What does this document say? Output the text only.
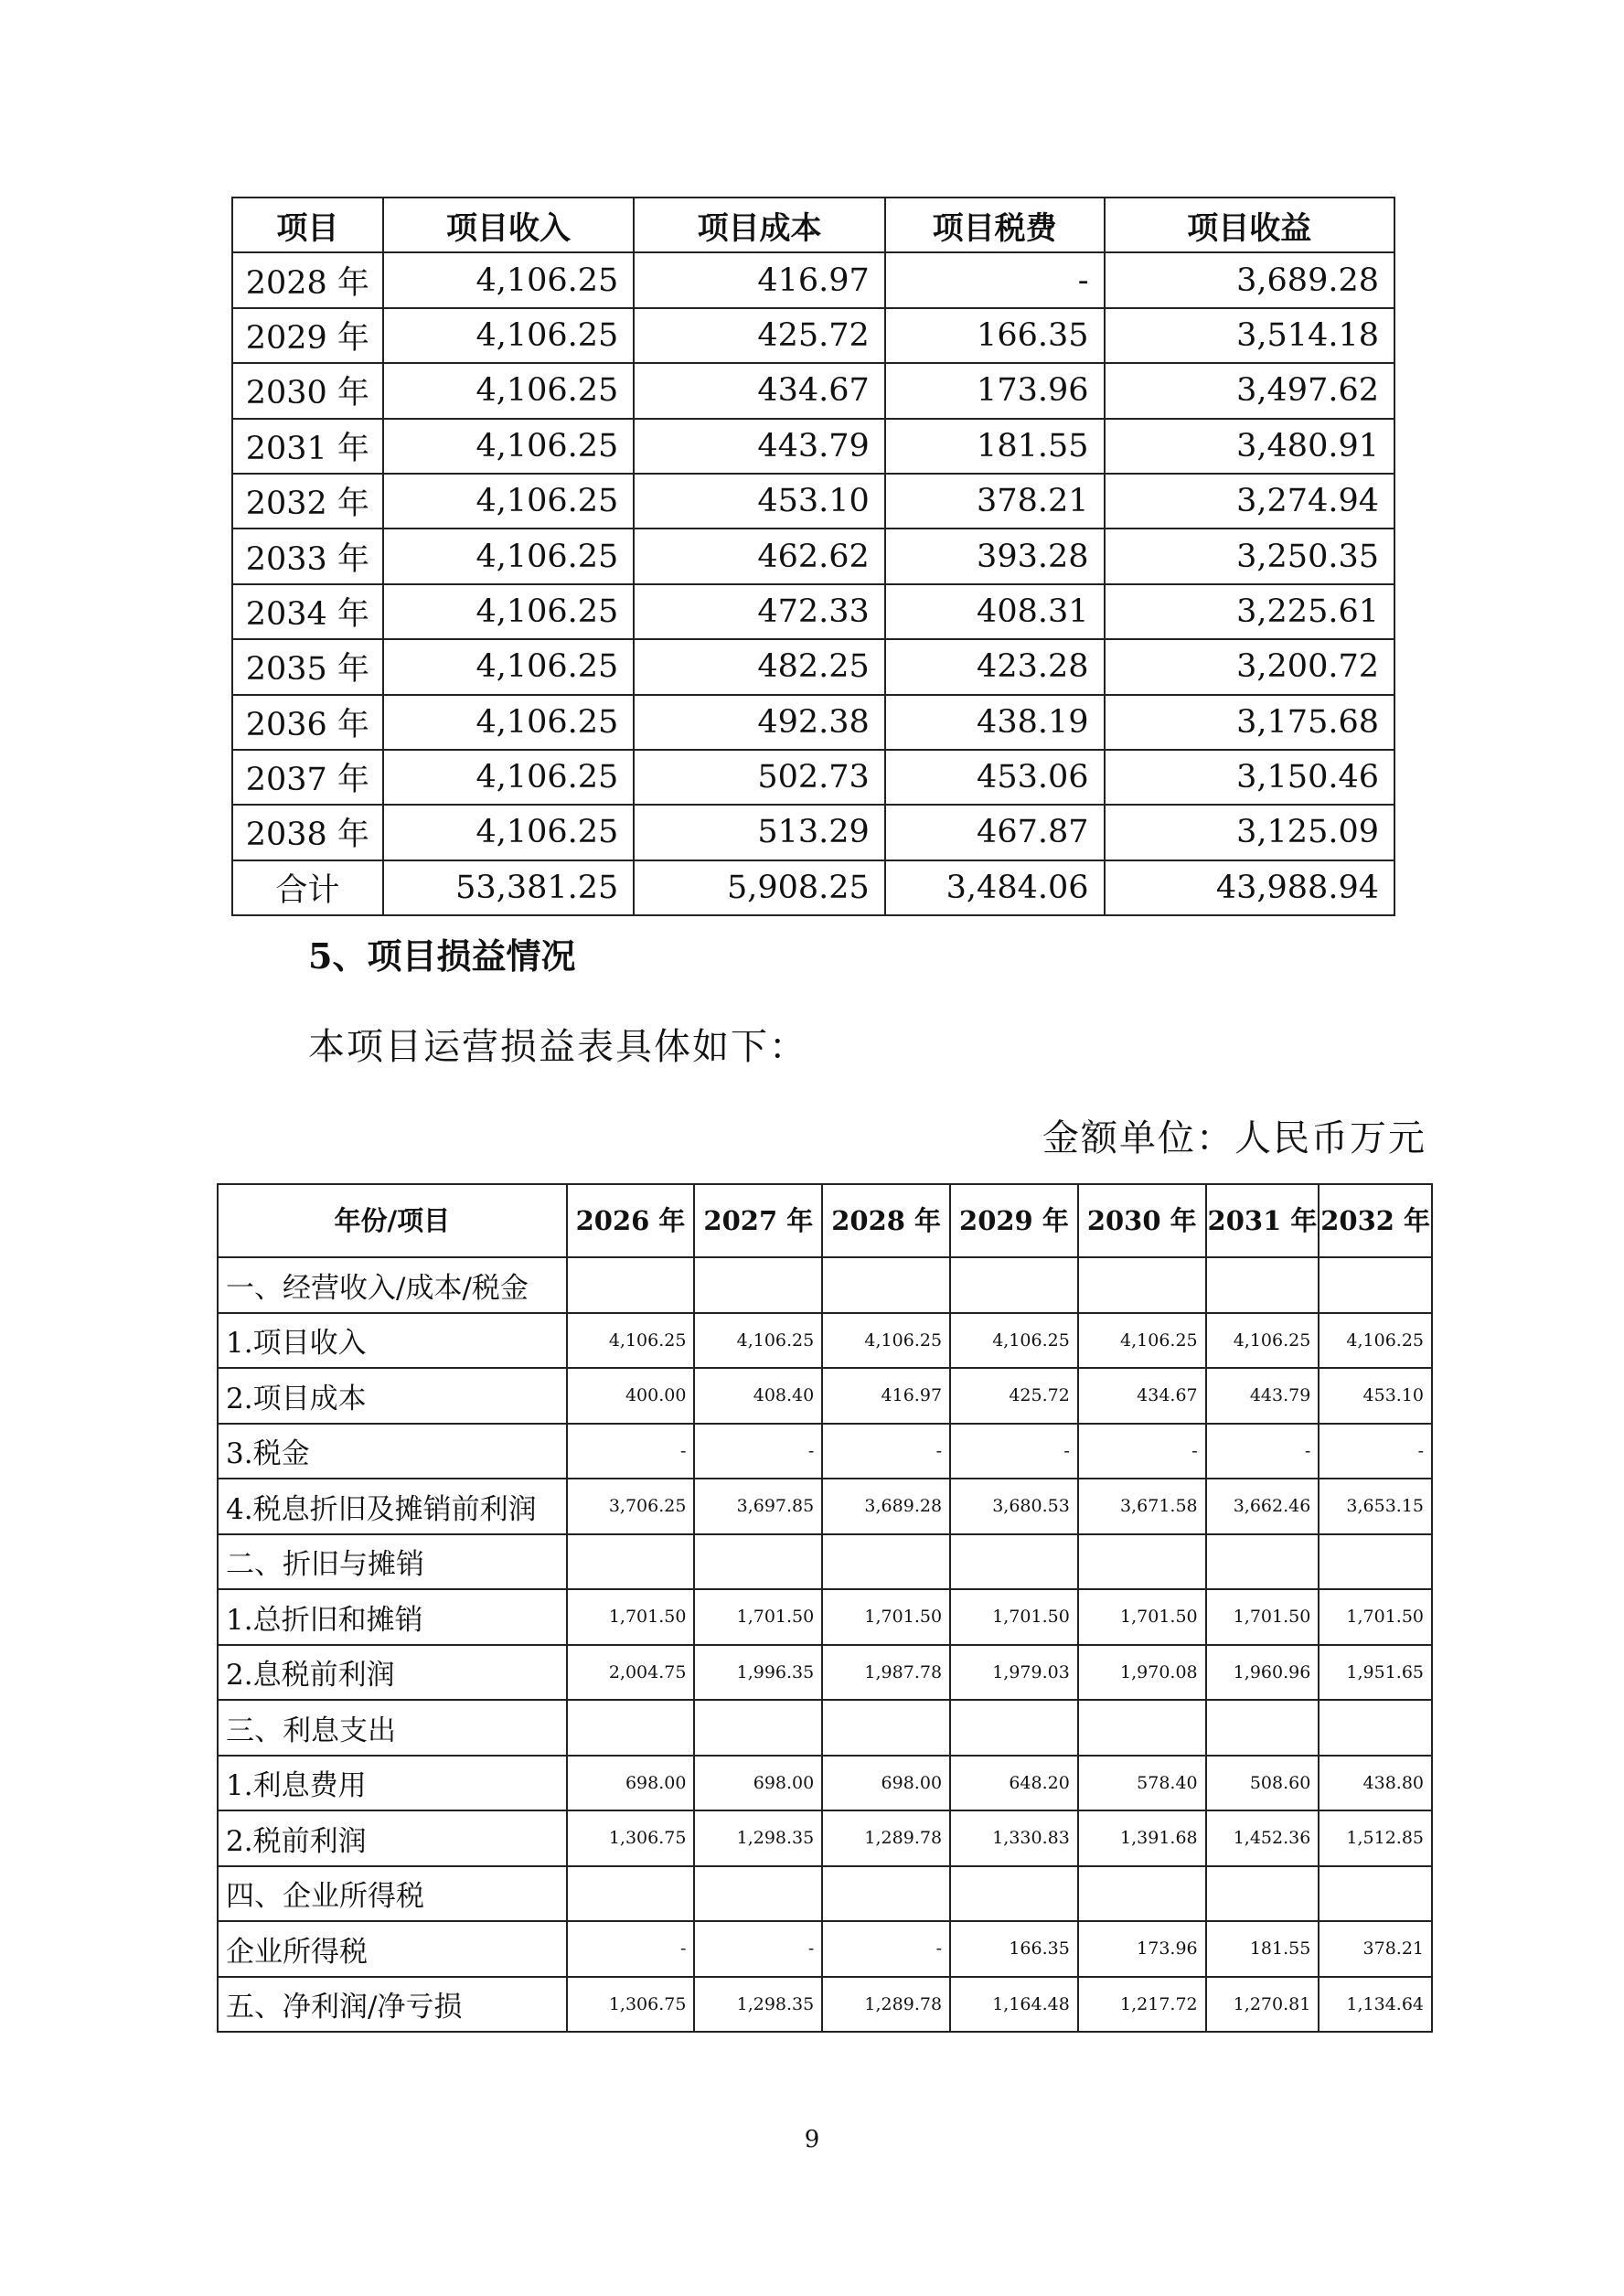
项目	项目收入	项目成本	项目税费	项目收益
2028 年	4,106.25	416.97	-	3,689.28
2029 年	4,106.25	425.72	166.35	3,514.18
2030 年	4,106.25	434.67	173.96	3,497.62
2031 年	4,106.25	443.79	181.55	3,480.91
2032 年	4,106.25	453.10	378.21	3,274.94
2033 年	4,106.25	462.62	393.28	3,250.35
2034 年	4,106.25	472.33	408.31	3,225.61
2035 年	4,106.25	482.25	423.28	3,200.72
2036 年	4,106.25	492.38	438.19	3,175.68
2037 年	4,106.25	502.73	453.06	3,150.46
2038 年	4,106.25	513.29	467.87	3,125.09
合计	53,381.25	5,908.25	3,484.06	43,988.94
5、项目损益情况
本项目运营损益表具体如下：
金额单位：人民币万元
年份/项目	2026 年	2027 年	2028 年	2029 年	2030 年	2031 年	2032 年
一、经营收入/成本/税金							
1.项目收入	4,106.25	4,106.25	4,106.25	4,106.25	4,106.25	4,106.25	4,106.25
2.项目成本	400.00	408.40	416.97	425.72	434.67	443.79	453.10
3.税金	-	-	-	-	-	-	-
4.税息折旧及摊销前利润	3,706.25	3,697.85	3,689.28	3,680.53	3,671.58	3,662.46	3,653.15
二、折旧与摊销							
1.总折旧和摊销	1,701.50	1,701.50	1,701.50	1,701.50	1,701.50	1,701.50	1,701.50
2.息税前利润	2,004.75	1,996.35	1,987.78	1,979.03	1,970.08	1,960.96	1,951.65
三、利息支出							
1.利息费用	698.00	698.00	698.00	648.20	578.40	508.60	438.80
2.税前利润	1,306.75	1,298.35	1,289.78	1,330.83	1,391.68	1,452.36	1,512.85
四、企业所得税							
企业所得税	-	-	-	166.35	173.96	181.55	378.21
五、净利润/净亏损	1,306.75	1,298.35	1,289.78	1,164.48	1,217.72	1,270.81	1,134.64
9
